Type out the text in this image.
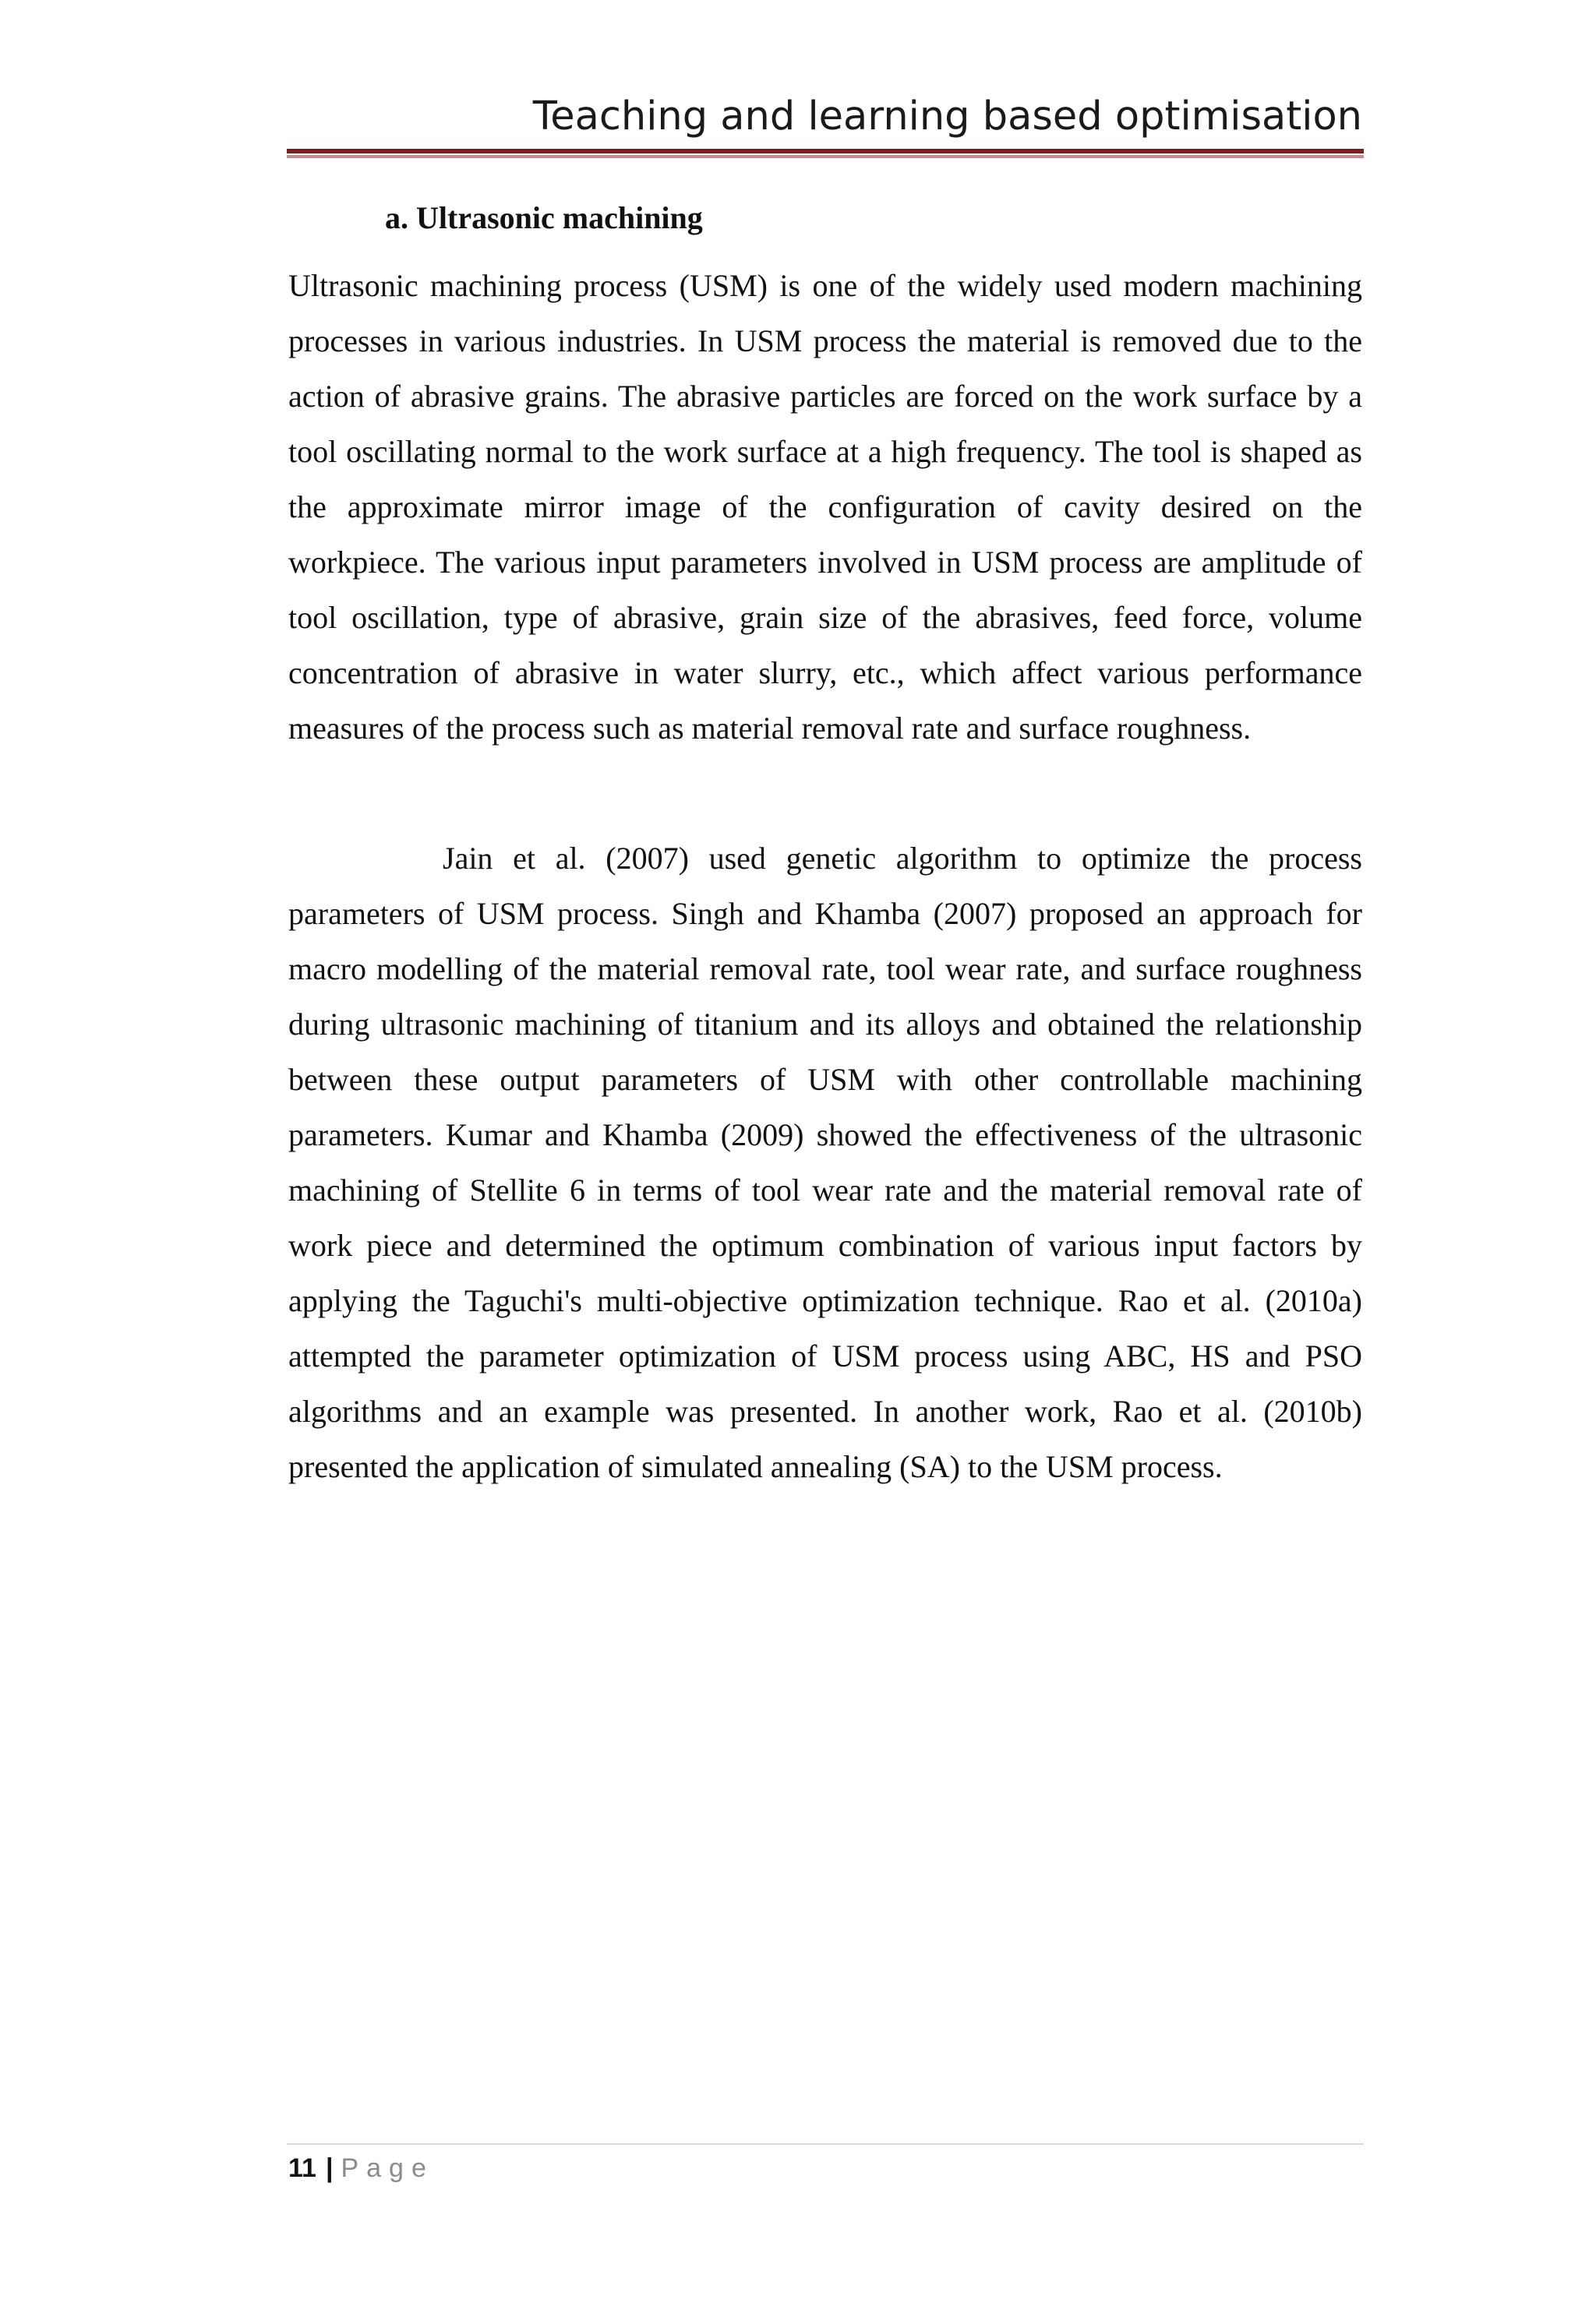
Teaching and learning based optimisation
a. Ultrasonic machining

Ultrasonic machining process (USM) is one of the widely used modern machining processes in various industries. In USM process the material is removed due to the action of abrasive grains. The abrasive particles are forced on the work surface by a tool oscillating normal to the work surface at a high frequency. The tool is shaped as the approximate mirror image of the configuration of cavity desired on the workpiece. The various input parameters involved in USM process are amplitude of tool oscillation, type of abrasive, grain size of the abrasives, feed force, volume concentration of abrasive in water slurry, etc., which affect various performance measures of the process such as material removal rate and surface roughness.

Jain et al. (2007) used genetic algorithm to optimize the process parameters of USM process. Singh and Khamba (2007) proposed an approach for macro modelling of the material removal rate, tool wear rate, and surface roughness during ultrasonic machining of titanium and its alloys and obtained the relationship between these output parameters of USM with other controllable machining parameters. Kumar and Khamba (2009) showed the effectiveness of the ultrasonic machining of Stellite 6 in terms of tool wear rate and the material removal rate of work piece and determined the optimum combination of various input factors by applying the Taguchi's multi-objective optimization technique. Rao et al. (2010a) attempted the parameter optimization of USM process using ABC, HS and PSO algorithms and an example was presented. In another work, Rao et al. (2010b) presented the application of simulated annealing (SA) to the USM process.

11 | Page
